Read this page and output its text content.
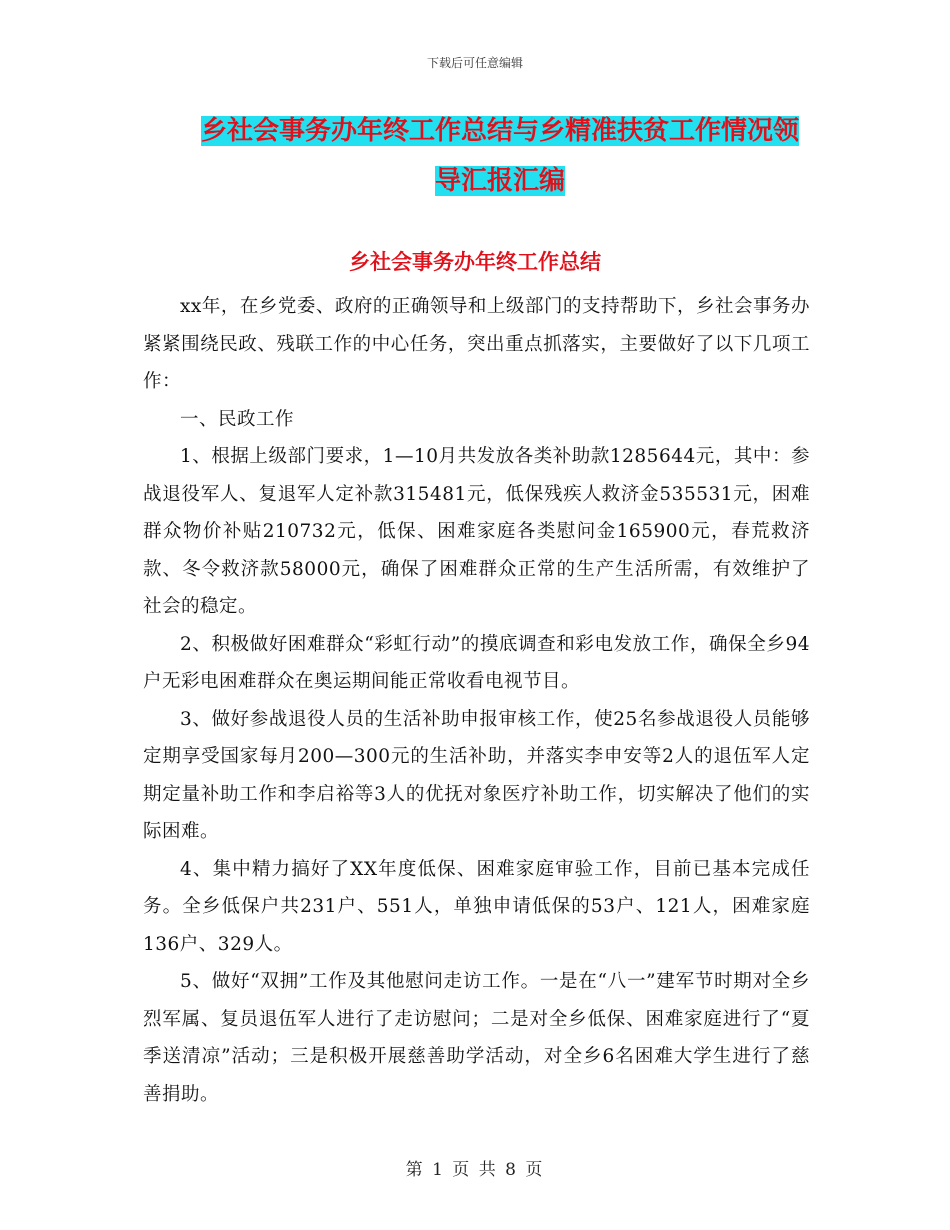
下载后可任意编辑
乡社会事务办年终工作总结与乡精准扶贫工作情况领
导汇报汇编
乡社会事务办年终工作总结

xx年，在乡党委、政府的正确领导和上级部门的支持帮助下，乡社会事务办紧紧围绕民政、残联工作的中心任务，突出重点抓落实，主要做好了以下几项工作：

一、民政工作

1、根据上级部门要求，1—10月共发放各类补助款1285644元，其中：参战退役军人、复退军人定补款315481元，低保残疾人救济金535531元，困难群众物价补贴210732元，低保、困难家庭各类慰问金165900元，春荒救济款、冬令救济款58000元，确保了困难群众正常的生产生活所需，有效维护了社会的稳定。

2、积极做好困难群众“彩虹行动”的摸底调查和彩电发放工作，确保全乡94户无彩电困难群众在奥运期间能正常收看电视节目。

3、做好参战退役人员的生活补助申报审核工作，使25名参战退役人员能够定期享受国家每月200—300元的生活补助，并落实李申安等2人的退伍军人定期定量补助工作和李启裕等3人的优抚对象医疗补助工作，切实解决了他们的实际困难。

4、集中精力搞好了XX年度低保、困难家庭审验工作，目前已基本完成任务。全乡低保户共231户、551人，单独申请低保的53户、121人，困难家庭136户、329人。

5、做好“双拥”工作及其他慰问走访工作。一是在“八一”建军节时期对全乡烈军属、复员退伍军人进行了走访慰问；二是对全乡低保、困难家庭进行了“夏季送清凉”活动；三是积极开展慈善助学活动，对全乡6名困难大学生进行了慈善捐助。

第 1 页 共 8 页
